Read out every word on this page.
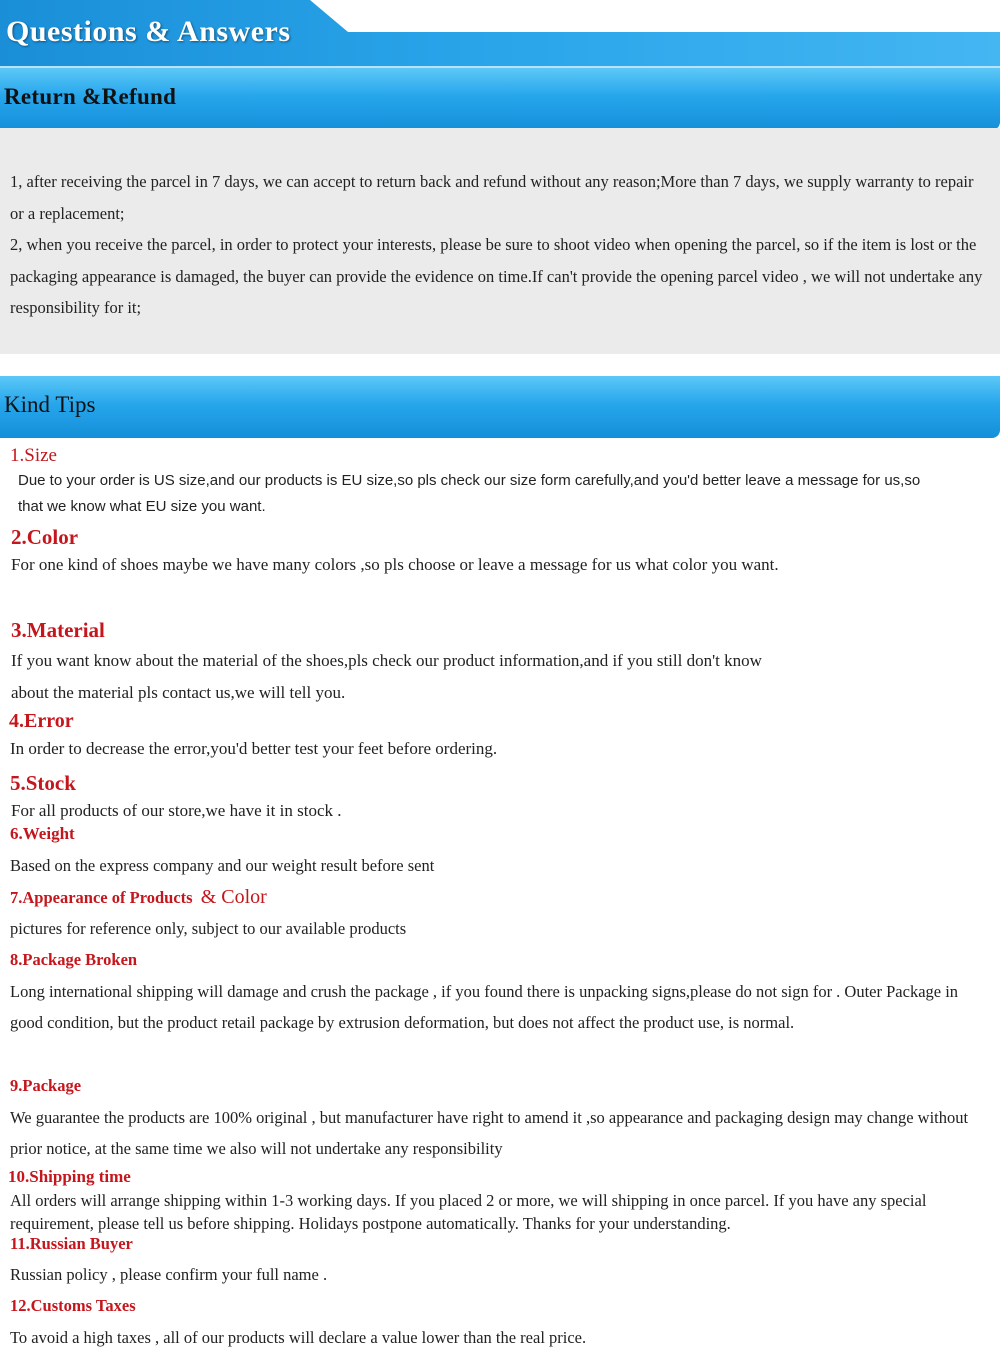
Questions & Answers
Return &Refund

1, after receiving the parcel in 7 days, we can accept to return back and refund without any reason;More than 7 days, we supply warranty to repair or a replacement;

2, when you receive the parcel, in order to protect your interests, please be sure to shoot video when opening the parcel, so if the item is lost or the packaging appearance is damaged, the buyer can provide the evidence on time.If can't provide the opening parcel video , we will not undertake any responsibility for it;

Kind Tips
1.Size

Due to your order is US size,and our products is EU size,so pls check our size form carefully,and you'd better leave a message for us,so that we know what EU size you want.

2.Color

For one kind of shoes maybe we have many colors ,so pls choose or leave a message for us what color you want.

3.Material

If you want know about the material of the shoes,pls check our product information,and if you still don't know about the material pls contact us,we will tell you.

4.Error

In order to decrease the error,you'd better test your feet before ordering.

5.Stock

For all products of our store,we have it in stock .

6.Weight

Based on the express company and our weight result before sent

7.Appearance of Products & Color

pictures for reference only, subject to our available products

8.Package Broken

Long international shipping will damage and crush the package , if you found there is unpacking signs,please do not sign for . Outer Package in good condition, but the product retail package by extrusion deformation, but does not affect the product use, is normal.

9.Package

We guarantee the products are 100% original , but manufacturer have right to amend it ,so appearance and packaging design may change without prior notice, at the same time we also will not undertake any responsibility

10.Shipping time

All orders will arrange shipping within 1-3 working days. If you placed 2 or more, we will shipping in once parcel. If you have any special requirement, please tell us before shipping. Holidays postpone automatically. Thanks for your understanding.

11.Russian Buyer

Russian policy , please confirm your full name .

12.Customs Taxes

To avoid a high taxes , all of our products will declare a value lower than the real price.
